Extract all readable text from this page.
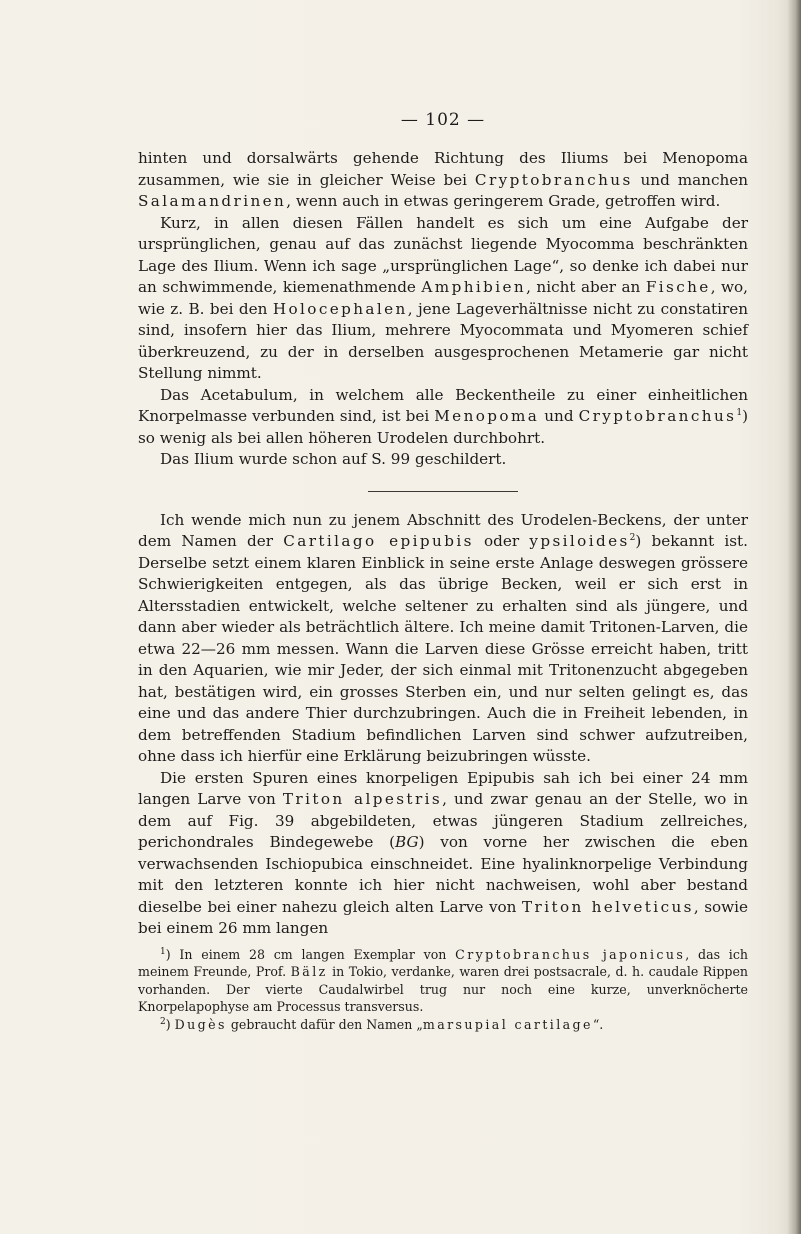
— 102 —

hinten und dorsalwärts gehende Richtung des Iliums bei Menopoma zusammen, wie sie in gleicher Weise bei Cryptobranchus und manchen Salamandrinen, wenn auch in etwas geringerem Grade, getroffen wird.

Kurz, in allen diesen Fällen handelt es sich um eine Aufgabe der ursprünglichen, genau auf das zunächst liegende Myocomma beschränkten Lage des Ilium. Wenn ich sage „ursprünglichen Lage“, so denke ich dabei nur an schwimmende, kiemenathmende Amphibien, nicht aber an Fische, wo, wie z. B. bei den Holocephalen, jene Lageverhältnisse nicht zu constatiren sind, insofern hier das Ilium, mehrere Myocommata und Myomeren schief überkreuzend, zu der in derselben ausgesprochenen Metamerie gar nicht Stellung nimmt.

Das Acetabulum, in welchem alle Beckentheile zu einer einheitlichen Knorpelmasse verbunden sind, ist bei Menopoma und Cryptobranchus$^1$) so wenig als bei allen höheren Urodelen durchbohrt.

Das Ilium wurde schon auf S. 99 geschildert.

Ich wende mich nun zu jenem Abschnitt des Urodelen-Beckens, der unter dem Namen der Cartilago epipubis oder ypsiloides$^2$) bekannt ist. Derselbe setzt einem klaren Einblick in seine erste Anlage deswegen grössere Schwierigkeiten entgegen, als das übrige Becken, weil er sich erst in Altersstadien entwickelt, welche seltener zu erhalten sind als jüngere, und dann aber wieder als beträchtlich ältere. Ich meine damit Tritonen-Larven, die etwa 22—26 mm messen. Wann die Larven diese Grösse erreicht haben, tritt in den Aquarien, wie mir Jeder, der sich einmal mit Tritonenzucht abgegeben hat, bestätigen wird, ein grosses Sterben ein, und nur selten gelingt es, das eine und das andere Thier durchzubringen. Auch die in Freiheit lebenden, in dem betreffenden Stadium befindlichen Larven sind schwer aufzutreiben, ohne dass ich hierfür eine Erklärung beizubringen wüsste.

Die ersten Spuren eines knorpeligen Epipubis sah ich bei einer 24 mm langen Larve von Triton alpestris, und zwar genau an der Stelle, wo in dem auf Fig. 39 abgebildeten, etwas jüngeren Stadium zellreiches, perichondrales Bindegewebe (BG) von vorne her zwischen die eben verwachsenden Ischiopubica einschneidet. Eine hyalinknorpelige Verbindung mit den letzteren konnte ich hier nicht nachweisen, wohl aber bestand dieselbe bei einer nahezu gleich alten Larve von Triton helveticus, sowie bei einem 26 mm langen

$^1$) In einem 28 cm langen Exemplar von Cryptobranchus japonicus, das ich meinem Freunde, Prof. Bälz in Tokio, verdanke, waren drei postsacrale, d. h. caudale Rippen vorhanden. Der vierte Caudalwirbel trug nur noch eine kurze, unverknöcherte Knorpelapophyse am Processus transversus.

$^2$) Dugès gebraucht dafür den Namen „marsupial cartilage“.
